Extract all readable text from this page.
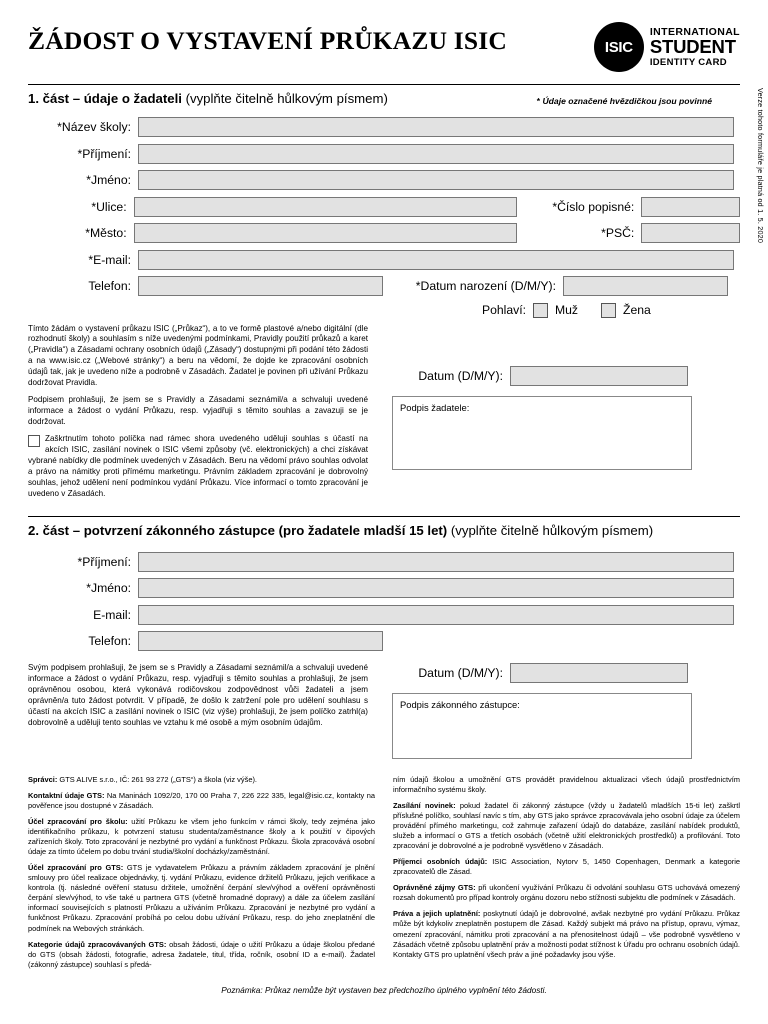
ŽÁDOST O VYSTAVENÍ PRŮKAZU ISIC	ISIC
INTERNATIONAL
STUDENT
IDENTITY CARD
Verze tohoto formuláře je platná od 1. 5. 2020
1. část – údaje o žadateli (vyplňte čitelně hůlkovým písmem)	* Údaje označené hvězdičkou jsou povinné
*Název školy:
*Příjmení:
*Jméno:
*Ulice:	*Číslo popisné:
*Město:	*PSČ:
*E-mail:
Telefon:	*Datum narození (D/M/Y):
Pohlaví:	Muž	Žena

Tímto žádám o vystavení průkazu ISIC („Průkaz“), a to ve formě plastové a/nebo digitální (dle rozhodnutí školy) a souhlasím s níže uvedenými podmínkami, Pravidly použití průkazů a karet („Pravidla“) a Zásadami ochrany osobních údajů („Zásady“) dostupnými při podání této žádosti a na www.isic.cz („Webové stránky“) a beru na vědomí, že dojde ke zpracování osobních údajů tak, jak je uvedeno níže a podrobně v Zásadách. Žadatel je povinen při užívání Průkazu dodržovat Pravidla.

Podpisem prohlašuji, že jsem se s Pravidly a Zásadami seznámil/a a schvaluji uvedené informace a žádost o vydání Průkazu, resp. vyjadřuji s těmito souhlas a zavazuji se je dodržovat.

Zaškrtnutím tohoto políčka nad rámec shora uvedeného uděluji souhlas s účastí na akcích ISIC, zasílání novinek o ISIC všemi způsoby (vč. elektronických) a chci získávat vybrané nabídky dle podmínek uvedených v Zásadách. Beru na vědomí právo souhlas odvolat a právo na námitky proti přímému marketingu. Právním základem zpracování je dobrovolný souhlas, jehož udělení není podmínkou vydání Průkazu. Více informací o tomto zpracování je uvedeno v Zásadách.

Datum (D/M/Y):
Podpis žadatele:
2. část – potvrzení zákonného zástupce (pro žadatele mladší 15 let) (vyplňte čitelně hůlkovým písmem)
*Příjmení:
*Jméno:
E-mail:
Telefon:

Svým podpisem prohlašuji, že jsem se s Pravidly a Zásadami seznámil/a a schvaluji uvedené informace a žádost o vydání Průkazu, resp. vyjadřuji s těmito souhlas a prohlašuji, že jsem oprávněnou osobou, která vykonává rodičovskou zodpovědnost vůči žadateli a jsem oprávněn/a tuto žádost potvrdit. V případě, že došlo k zatržení pole pro udělení souhlasu s účastí na akcích ISIC a zasílání novinek o ISIC (viz výše) prohlašuji, že jsem políčko zatrhl(a) dobrovolně a uděluji tento souhlas ve vztahu k mé osobě a mým osobním údajům.

Datum (D/M/Y):
Podpis zákonného zástupce:

Správci: GTS ALIVE s.r.o., IČ: 261 93 272 („GTS“) a škola (viz výše).

Kontaktní údaje GTS: Na Maninách 1092/20, 170 00 Praha 7, 226 222 335, legal@isic.cz, kontakty na pověřence jsou dostupné v Zásadách.

Účel zpracování pro školu: užití Průkazu ke všem jeho funkcím v rámci školy, tedy zejména jako identifikačního průkazu, k potvrzení statusu studenta/zaměstnance školy a k použití v čipových zařízeních školy. Toto zpracování je nezbytné pro vydání a funkčnost Průkazu. Škola zpracovává osobní údaje za tímto účelem po dobu trvání studia/školní docházky/zaměstnání.

Účel zpracování pro GTS: GTS je vydavatelem Průkazu a právním základem zpracování je plnění smlouvy pro účel realizace objednávky, tj. vydání Průkazu, evidence držitelů Průkazu, jejich verifikace a kontrola (tj. následné ověření statusu držitele, umožnění čerpání slev/výhod a ověření oprávněnosti čerpání slev/výhod, to vše také u partnera GTS (včetně hromadné dopravy) a dále za účelem zasílání informací souvisejících s platností Průkazu a užíváním Průkazu. Zpracování je nezbytné pro vydání a funkčnost Průkazu. Zpracování probíhá po celou dobu užívání Průkazu, resp. do jeho zneplatnění dle podmínek na Webových stránkách.

Kategorie údajů zpracovávaných GTS: obsah žádosti, údaje o užití Průkazu a údaje školou předané do GTS (obsah žádosti, fotografie, adresa žadatele, titul, třída, ročník, osobní ID a e-mail). Žadatel (zákonný zástupce) souhlasí s předá-

ním údajů školou a umožnění GTS provádět pravidelnou aktualizaci všech údajů prostřednictvím informačního systému školy.

Zasílání novinek: pokud žadatel či zákonný zástupce (vždy u žadatelů mladších 15-ti let) zaškrtl příslušné políčko, souhlasí navíc s tím, aby GTS jako správce zpracovávala jeho osobní údaje za účelem provádění přímého marketingu, což zahrnuje zařazení údajů do databáze, zasílání nabídek produktů, služeb a informací o GTS a třetích osobách (včetně užití elektronických prostředků) a profilování. Toto zpracování je dobrovolné a je podrobně vysvětleno v Zásadách.

Příjemci osobních údajů: ISIC Association, Nytorv 5, 1450 Copenhagen, Denmark a kategorie zpracovatelů dle Zásad.

Oprávněné zájmy GTS: při ukončení využívání Průkazu či odvolání souhlasu GTS uchovává omezený rozsah dokumentů pro případ kontroly orgánu dozoru nebo stížnosti subjektu dle podmínek v Zásadách.

Práva a jejich uplatnění: poskytnutí údajů je dobrovolné, avšak nezbytné pro vydání Průkazu. Průkaz může být kdykoliv zneplatněn postupem dle Zásad. Každý subjekt má právo na přístup, opravu, výmaz, omezení zpracování, námitku proti zpracování a na přenositelnost údajů – vše podrobně vysvětleno v Zásadách včetně způsobu uplatnění práv a možnosti podat stížnost k Úřadu pro ochranu osobních údajů. Kontakty GTS pro uplatnění všech práv a jiné požadavky jsou výše.

Poznámka: Průkaz nemůže být vystaven bez předchozího úplného vyplnění této žádosti.
